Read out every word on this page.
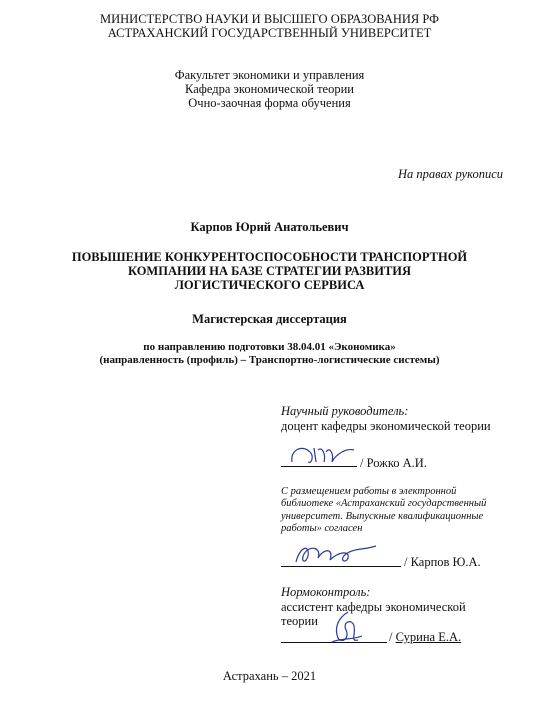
МИНИСТЕРСТВО НАУКИ И ВЫСШЕГО ОБРАЗОВАНИЯ РФ
АСТРАХАНСКИЙ ГОСУДАРСТВЕННЫЙ УНИВЕРСИТЕТ
Факультет экономики и управления
Кафедра экономической теории
Очно-заочная форма обучения
На правах рукописи
Карпов Юрий Анатольевич
ПОВЫШЕНИЕ КОНКУРЕНТОСПОСОБНОСТИ ТРАНСПОРТНОЙ
КОМПАНИИ НА БАЗЕ СТРАТЕГИИ РАЗВИТИЯ
ЛОГИСТИЧЕСКОГО СЕРВИСА
Магистерская диссертация
по направлению подготовки 38.04.01 «Экономика»
(направленность (профиль) – Транспортно-логистические системы)
Научный руководитель:
доцент кафедры экономической теории
/ Рожко А.И.
С размещением работы в электронной
библиотеке «Астраханский государственный
университет. Выпускные квалификационные
работы» согласен
/ Карпов Ю.А.
Нормоконтроль:
ассистент кафедры экономической
теории
/ Сурина Е.А.
Астрахань – 2021
